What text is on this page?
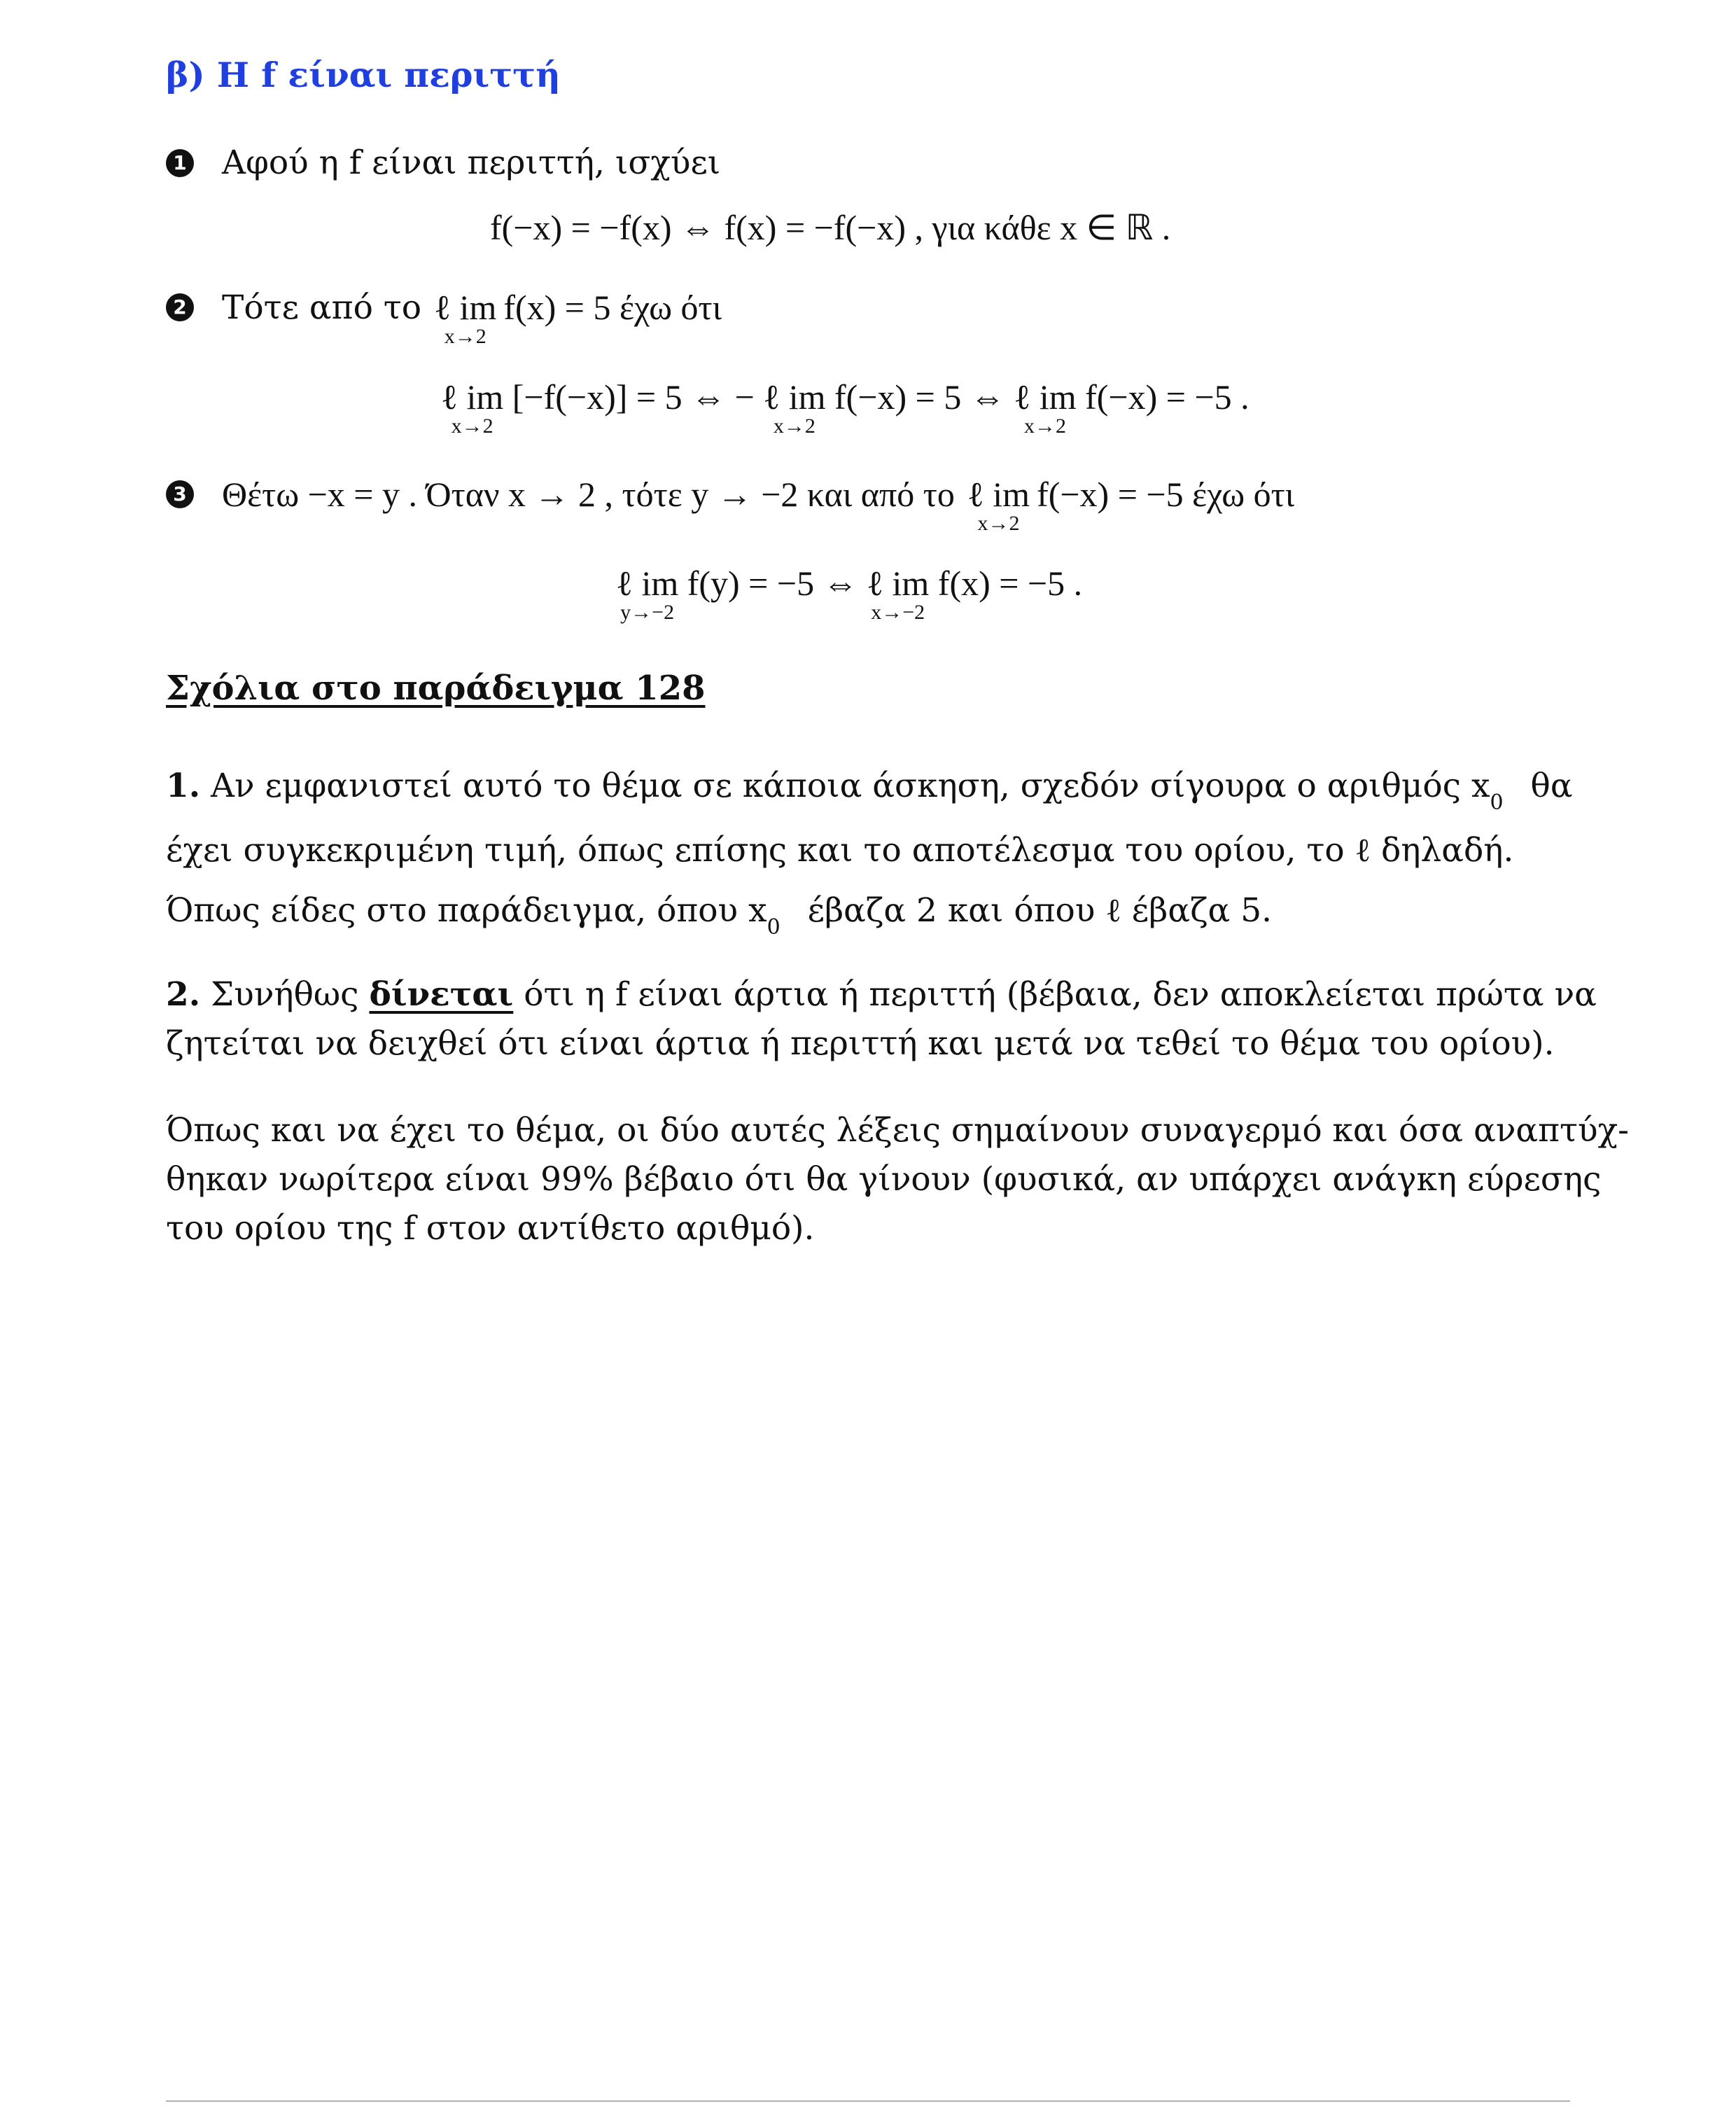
β) Η f είναι περιττή
1 Αφού η f είναι περιττή, ισχύει
f(−x) = −f(x) ⇔ f(x) = −f(−x) , για κάθε x ∈ ℝ .
2 Τότε από το ℓ im
x→2
f(x) = 5 έχω ότι
ℓ im
x→2
[−f(−x)] = 5 ⇔ − ℓ im
x→2
f(−x) = 5 ⇔ ℓ im
x→2
f(−x) = −5 .
3 Θέτω −x = y . Όταν x → 2 , τότε y → −2 και από το ℓ im
x→2
f(−x) = −5 έχω ότι
ℓ im
y→−2
f(y) = −5 ⇔ ℓ im
x→−2
f(x) = −5 .
Σχόλια στο παράδειγμα 128
1. Αν εμφανιστεί αυτό το θέμα σε κάποια άσκηση, σχεδόν σίγουρα ο αριθμός $x_0$ θα
έχει συγκεκριμένη τιμή, όπως επίσης και το αποτέλεσμα του ορίου, το ℓ δηλαδή.
Όπως είδες στο παράδειγμα, όπου $x_0$ έβαζα 2 και όπου ℓ έβαζα 5.
2. Συνήθως δίνεται ότι η f είναι άρτια ή περιττή (βέβαια, δεν αποκλείεται πρώτα να
ζητείται να δειχθεί ότι είναι άρτια ή περιττή και μετά να τεθεί το θέμα του ορίου).
Όπως και να έχει το θέμα, οι δύο αυτές λέξεις σημαίνουν συναγερμό και όσα αναπτύχ-
θηκαν νωρίτερα είναι 99% βέβαιο ότι θα γίνουν (φυσικά, αν υπάρχει ανάγκη εύρεσης
του ορίου της f στον αντίθετο αριθμό).
